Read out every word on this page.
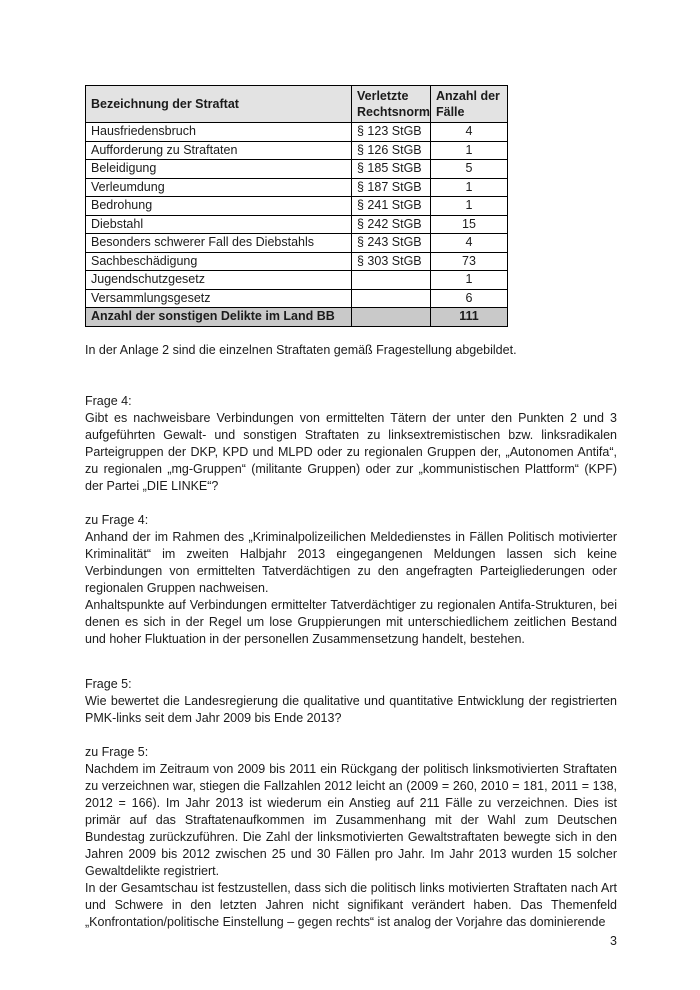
Bezeichnung der Straftat	Verletzte Rechtsnorm	Anzahl der Fälle
Hausfriedensbruch	§ 123 StGB	4
Aufforderung zu Straftaten	§ 126 StGB	1
Beleidigung	§ 185 StGB	5
Verleumdung	§ 187 StGB	1
Bedrohung	§ 241 StGB	1
Diebstahl	§ 242 StGB	15
Besonders schwerer Fall des Diebstahls	§ 243 StGB	4
Sachbeschädigung	§ 303 StGB	73
Jugendschutzgesetz		1
Versammlungsgesetz		6
Anzahl der sonstigen Delikte im Land BB		111

In der Anlage 2 sind die einzelnen Straftaten gemäß Fragestellung abgebildet.

Frage 4:

Gibt es nachweisbare Verbindungen von ermittelten Tätern der unter den Punkten 2 und 3 aufgeführten Gewalt- und sonstigen Straftaten zu linksextremistischen bzw. linksradikalen Parteigruppen der DKP, KPD und MLPD oder zu regionalen Gruppen der, „Autonomen Antifa“, zu regionalen „mg-Gruppen“ (militante Gruppen) oder zur „kommunistischen Plattform“ (KPF) der Partei „DIE LINKE“?

zu Frage 4:

Anhand der im Rahmen des „Kriminalpolizeilichen Meldedienstes in Fällen Politisch motivierter Kriminalität“ im zweiten Halbjahr 2013 eingegangenen Meldungen lassen sich keine Verbindungen von ermittelten Tatverdächtigen zu den angefragten Parteigliederungen oder regionalen Gruppen nachweisen.

Anhaltspunkte auf Verbindungen ermittelter Tatverdächtiger zu regionalen Antifa-Strukturen, bei denen es sich in der Regel um lose Gruppierungen mit unterschiedlichem zeitlichen Bestand und hoher Fluktuation in der personellen Zusammensetzung handelt, bestehen.

Frage 5:

Wie bewertet die Landesregierung die qualitative und quantitative Entwicklung der registrierten PMK-links seit dem Jahr 2009 bis Ende 2013?

zu Frage 5:

Nachdem im Zeitraum von 2009 bis 2011 ein Rückgang der politisch linksmotivierten Straftaten zu verzeichnen war, stiegen die Fallzahlen 2012 leicht an (2009 = 260, 2010 = 181, 2011 = 138, 2012 = 166). Im Jahr 2013 ist wiederum ein Anstieg auf 211 Fälle zu verzeichnen. Dies ist primär auf das Straftatenaufkommen im Zusammenhang mit der Wahl zum Deutschen Bundestag zurückzuführen. Die Zahl der linksmotivierten Gewaltstraftaten bewegte sich in den Jahren 2009 bis 2012 zwischen 25 und 30 Fällen pro Jahr. Im Jahr 2013 wurden 15 solcher Gewaltdelikte registriert.

In der Gesamtschau ist festzustellen, dass sich die politisch links motivierten Straftaten nach Art und Schwere in den letzten Jahren nicht signifikant verändert haben. Das Themenfeld „Konfrontation/politische Einstellung – gegen rechts“ ist analog der Vorjahre das dominierende

3
